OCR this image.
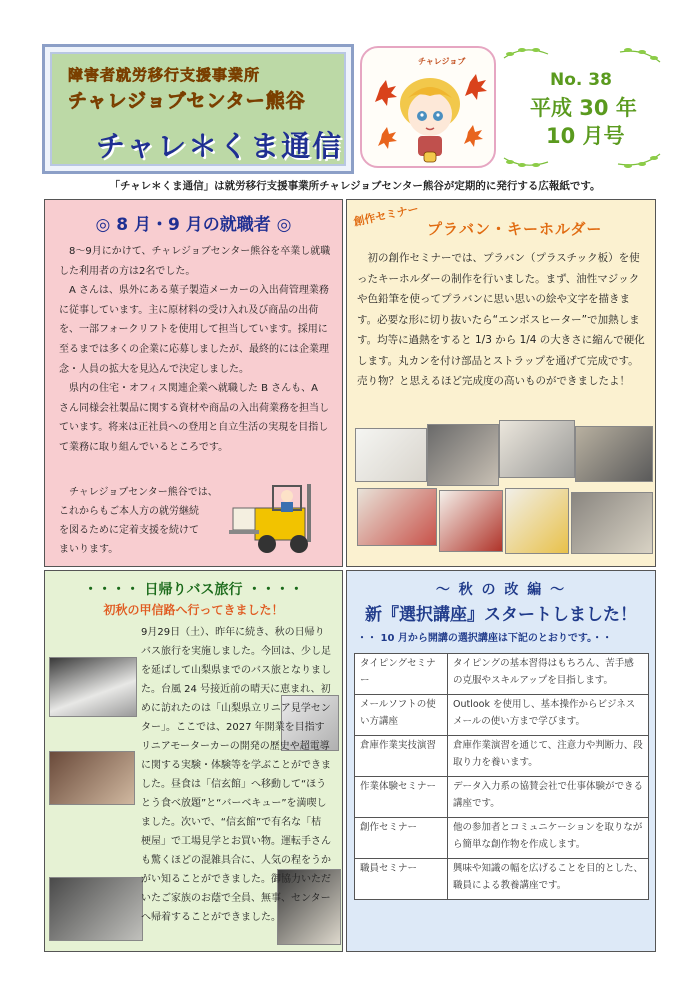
障害者就労移行支援事業所
チャレジョブセンター熊谷
チャレ＊くま通信
チャレジョブ
No. 38
平成 30 年
10 月号
「チャレ＊くま通信」は就労移行支援事業所チャレジョブセンター熊谷が定期的に発行する広報紙です。
◎ 8 月・9 月の就職者 ◎

8～9月にかけて、チャレジョブセンター熊谷を卒業し就職した利用者の方は2名でした。

A さんは、県外にある菓子製造メーカーの入出荷管理業務に従事しています。主に原材料の受け入れ及び商品の出荷を、一部フォークリフトを使用して担当しています。採用に至るまでは多くの企業に応募しましたが、最終的には企業理念・人員の拡大を見込んで決定しました。

県内の住宅・オフィス関連企業へ就職した B さんも、A さん同様会社製品に関する資材や商品の入出荷業務を担当しています。将来は正社員への登用と自立生活の実現を目指して業務に取り組んでいるところです。

チャレジョブセンター熊谷では、
これからもご本人方の就労継続
を図るために定着支援を続けて
まいります。
創作セミナー
プラバン・キーホルダー

初の創作セミナーでは、プラバン（プラスチック板）を使ったキーホルダーの制作を行いました。まず、油性マジックや色鉛筆を使ってプラバンに思い思いの絵や文字を描きます。必要な形に切り抜いたら“エンボスヒーター”で加熱します。均等に過熱をすると 1/3 から 1/4 の大きさに縮んで硬化します。丸カンを付け部品とストラップを通げて完成です。売り物？と思えるほど完成度の高いものができましたよ！

・・・・ 日帰りバス旅行 ・・・・
初秋の甲信路へ行ってきました！

9月29日（土）、昨年に続き、秋の日帰りバス旅行を実施しました。今回は、少し足を延ばして山梨県までのバス旅となりました。台風 24 号接近前の晴天に恵まれ、初めに訪れたのは「山梨県立リニア見学センター」。ここでは、2027 年開業を目指すリニアモーターカーの開発の歴史や超電導に関する実験・体験等を学ぶことができました。昼食は「信玄館」へ移動して“ほうとう食べ放題”と“バーベキュー”を満喫しました。次いで、“信玄館”で有名な「桔梗屋」で工場見学とお買い物。運転手さんも驚くほどの混雑具合に、人気の程をうかがい知ることができました。御協力いただいたご家族のお蔭で全員、無事、センターへ帰着することができました。

～ 秋 の 改 編 ～
新『選択講座』スタートしました！
・・ 10 月から開講の選択講座は下記のとおりです。・・
タイピングセミナー	タイピングの基本習得はもちろん、苦手感の克服やスキルアップを目指します。
メールソフトの使い方講座	Outlook を使用し、基本操作からビジネスメールの使い方まで学びます。
倉庫作業実技演習	倉庫作業演習を通じて、注意力や判断力、段取り力を養います。
作業体験セミナー	データ入力系の協賛会社で仕事体験ができる講座です。
創作セミナー	他の参加者とコミュニケーションを取りながら簡単な創作物を作成します。
職員セミナー	興味や知識の幅を広げることを目的とした、職員による教養講座です。
